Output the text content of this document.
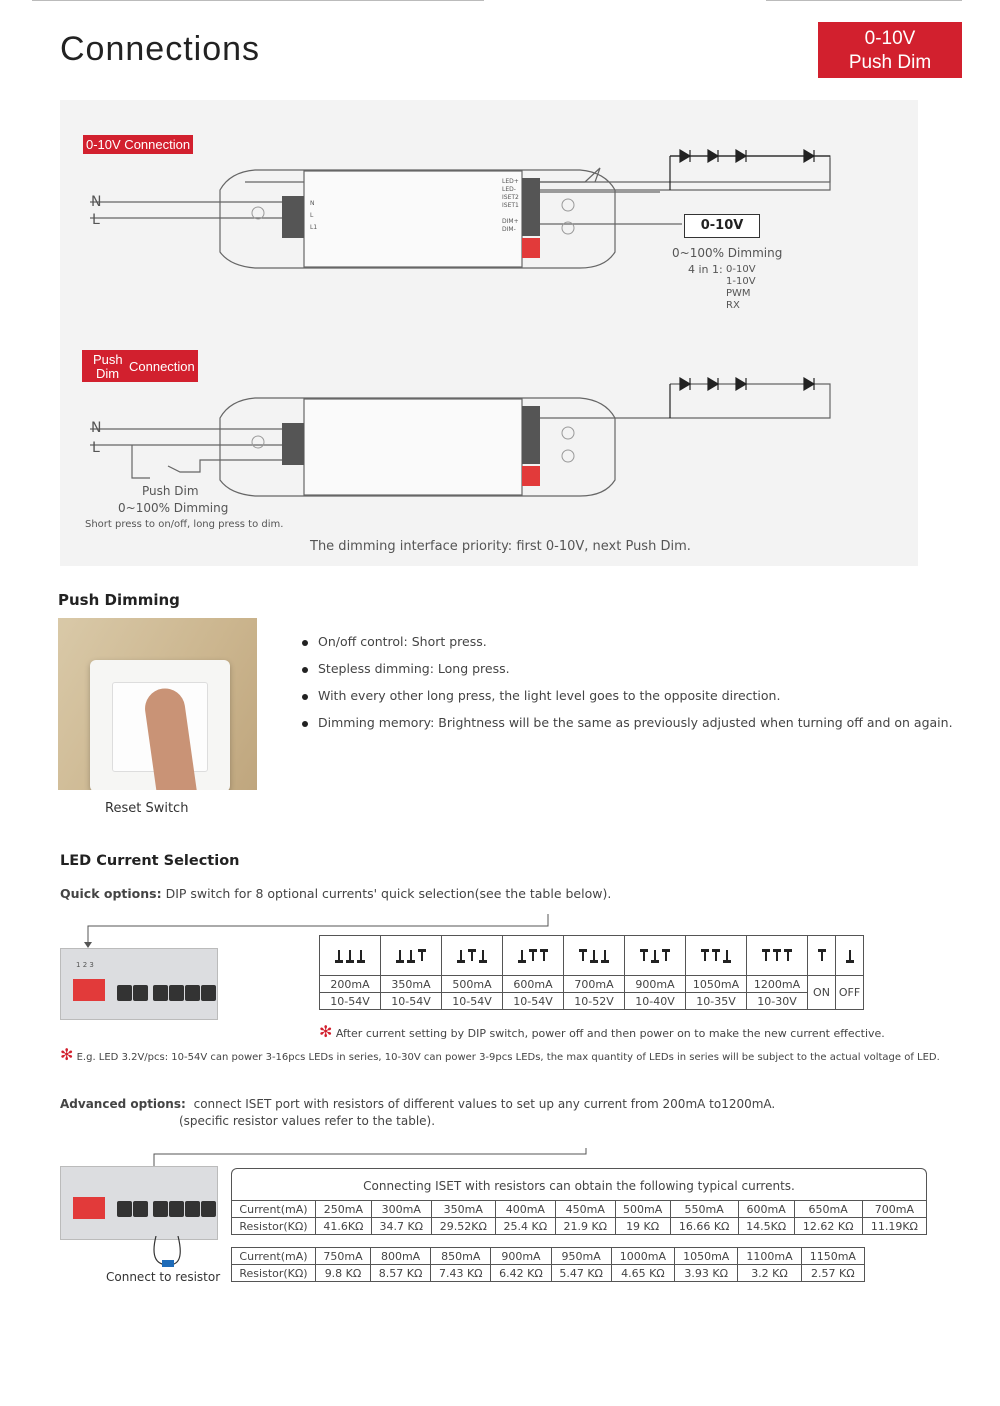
Connections	0-10V
Push Dim
0-10V Connection
Push
Dim Connection
N
L
N
L
0-10V
0~100% Dimming
4 in 1: 0-10V
1-10V
PWM
RX
Push Dim
0~100% Dimming
Short press to on/off, long press to dim.
The dimming interface priority: first 0-10V, next Push Dim.
N
L
L1
LED+
LED-
ISET2
ISET1
DIM+
DIM-
Push Dimming
Reset Switch
On/off control: Short press.
Stepless dimming: Long press.
With every other long press, the light level goes to the opposite direction.
Dimming memory: Brightness will be the same as previously adjusted when turning off and on again.
LED Current Selection
Quick options: DIP switch for 8 optional currents' quick selection(see the table below).
1 2 3

200mA	350mA	500mA	600mA	700mA	900mA	1050mA	1200mA	ON	OFF
10-54V	10-54V	10-54V	10-54V	10-52V	10-40V	10-35V	10-30V		
✻ After current setting by DIP switch, power off and then power on to make the new current effective.
✻ E.g. LED 3.2V/pcs: 10-54V can power 3-16pcs LEDs in series, 10-30V can power 3-9pcs LEDs, the max quantity of LEDs in series will be subject to the actual voltage of LED.
Advanced options: connect ISET port with resistors of different values to set up any current from 200mA to1200mA.
(specific resistor values refer to the table).
Connect to resistor
Connecting ISET with resistors can obtain the following typical currents.
Current(mA)	250mA	300mA	350mA	400mA	450mA	500mA	550mA	600mA	650mA	700mA
Resistor(KΩ)	41.6KΩ	34.7 KΩ	29.52KΩ	25.4 KΩ	21.9 KΩ	19 KΩ	16.66 KΩ	14.5KΩ	12.62 KΩ	11.19KΩ
Current(mA)	750mA	800mA	850mA	900mA	950mA	1000mA	1050mA	1100mA	1150mA
Resistor(KΩ)	9.8 KΩ	8.57 KΩ	7.43 KΩ	6.42 KΩ	5.47 KΩ	4.65 KΩ	3.93 KΩ	3.2 KΩ	2.57 KΩ
